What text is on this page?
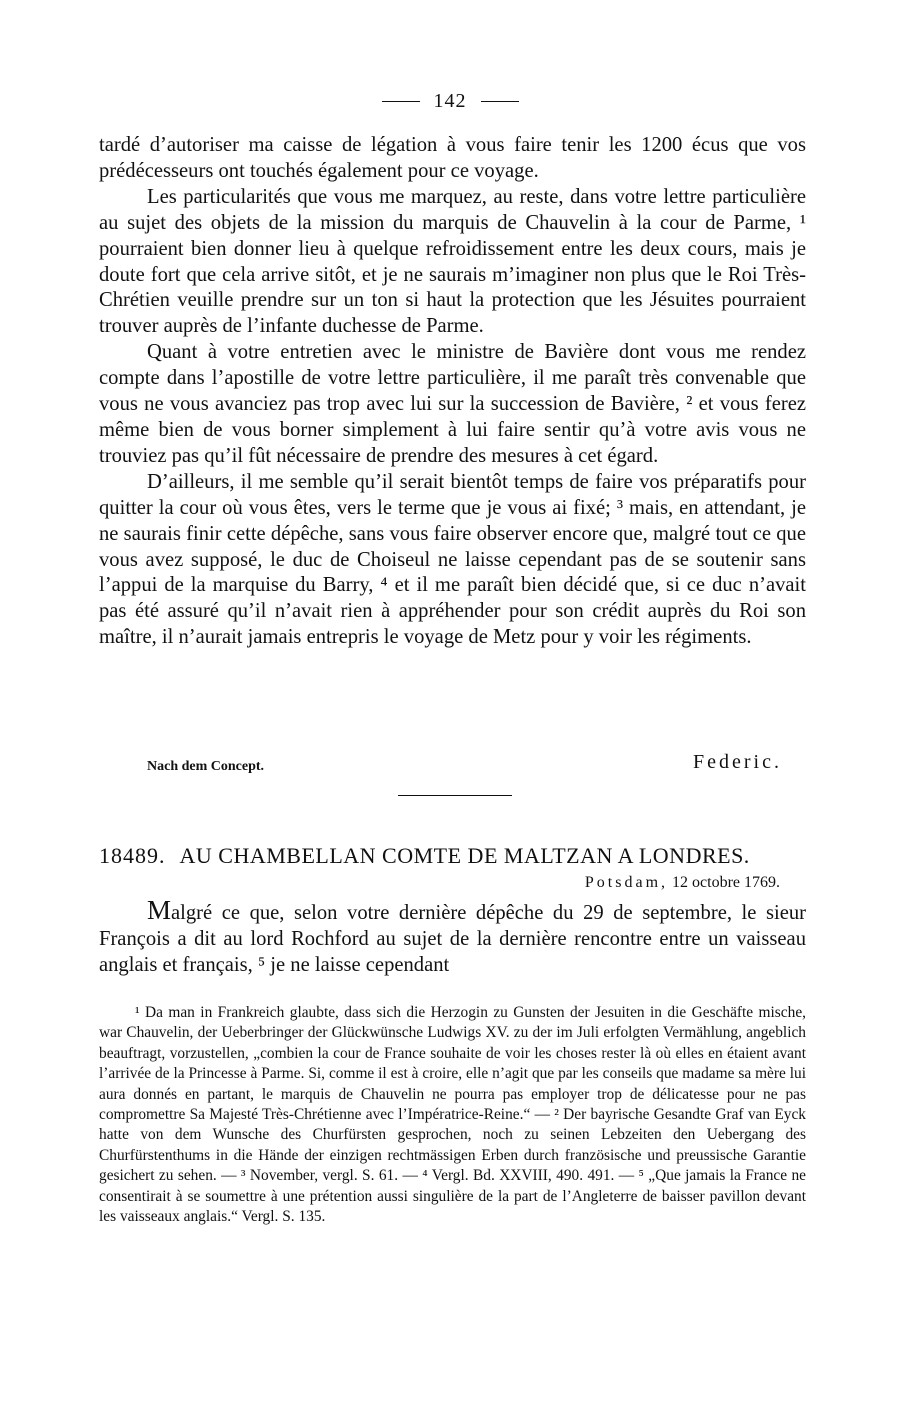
142

tardé d’autoriser ma caisse de légation à vous faire tenir les 1200 écus que vos prédécesseurs ont touchés également pour ce voyage.

Les particularités que vous me marquez, au reste, dans votre lettre particulière au sujet des objets de la mission du marquis de Chauvelin à la cour de Parme, ¹ pourraient bien donner lieu à quelque refroidissement entre les deux cours, mais je doute fort que cela arrive sitôt, et je ne saurais m’imaginer non plus que le Roi Très-Chrétien veuille prendre sur un ton si haut la protection que les Jésuites pourraient trouver auprès de l’infante duchesse de Parme.

Quant à votre entretien avec le ministre de Bavière dont vous me rendez compte dans l’apostille de votre lettre particulière, il me paraît très convenable que vous ne vous avanciez pas trop avec lui sur la succession de Bavière, ² et vous ferez même bien de vous borner simplement à lui faire sentir qu’à votre avis vous ne trouviez pas qu’il fût nécessaire de prendre des mesures à cet égard.

D’ailleurs, il me semble qu’il serait bientôt temps de faire vos préparatifs pour quitter la cour où vous êtes, vers le terme que je vous ai fixé; ³ mais, en attendant, je ne saurais finir cette dépêche, sans vous faire observer encore que, malgré tout ce que vous avez supposé, le duc de Choiseul ne laisse cependant pas de se soutenir sans l’appui de la marquise du Barry, ⁴ et il me paraît bien décidé que, si ce duc n’avait pas été assuré qu’il n’avait rien à appréhender pour son crédit auprès du Roi son maître, il n’aurait jamais entrepris le voyage de Metz pour y voir les régiments.

Nach dem Concept.	Federic.
18489. AU CHAMBELLAN COMTE DE MALTZAN A LONDRES.
Potsdam, 12 octobre 1769.

Malgré ce que, selon votre dernière dépêche du 29 de septembre, le sieur François a dit au lord Rochford au sujet de la dernière rencontre entre un vaisseau anglais et français, ⁵ je ne laisse cependant

¹ Da man in Frankreich glaubte, dass sich die Herzogin zu Gunsten der Jesuiten in die Geschäfte mische, war Chauvelin, der Ueberbringer der Glückwünsche Ludwigs XV. zu der im Juli erfolgten Vermählung, angeblich beauftragt, vorzustellen, „combien la cour de France souhaite de voir les choses rester là où elles en étaient avant l’arrivée de la Princesse à Parme. Si, comme il est à croire, elle n’agit que par les conseils que madame sa mère lui aura donnés en partant, le marquis de Chauvelin ne pourra pas employer trop de délicatesse pour ne pas compromettre Sa Majesté Très-Chrétienne avec l’Impératrice-Reine.“ — ² Der bayrische Gesandte Graf van Eyck hatte von dem Wunsche des Churfürsten gesprochen, noch zu seinen Lebzeiten den Uebergang des Churfürstenthums in die Hände der einzigen rechtmässigen Erben durch französische und preussische Garantie gesichert zu sehen. — ³ November, vergl. S. 61. — ⁴ Vergl. Bd. XXVIII, 490. 491. — ⁵ „Que jamais la France ne consentirait à se soumettre à une prétention aussi singulière de la part de l’Angleterre de baisser pavillon devant les vaisseaux anglais.“ Vergl. S. 135.
